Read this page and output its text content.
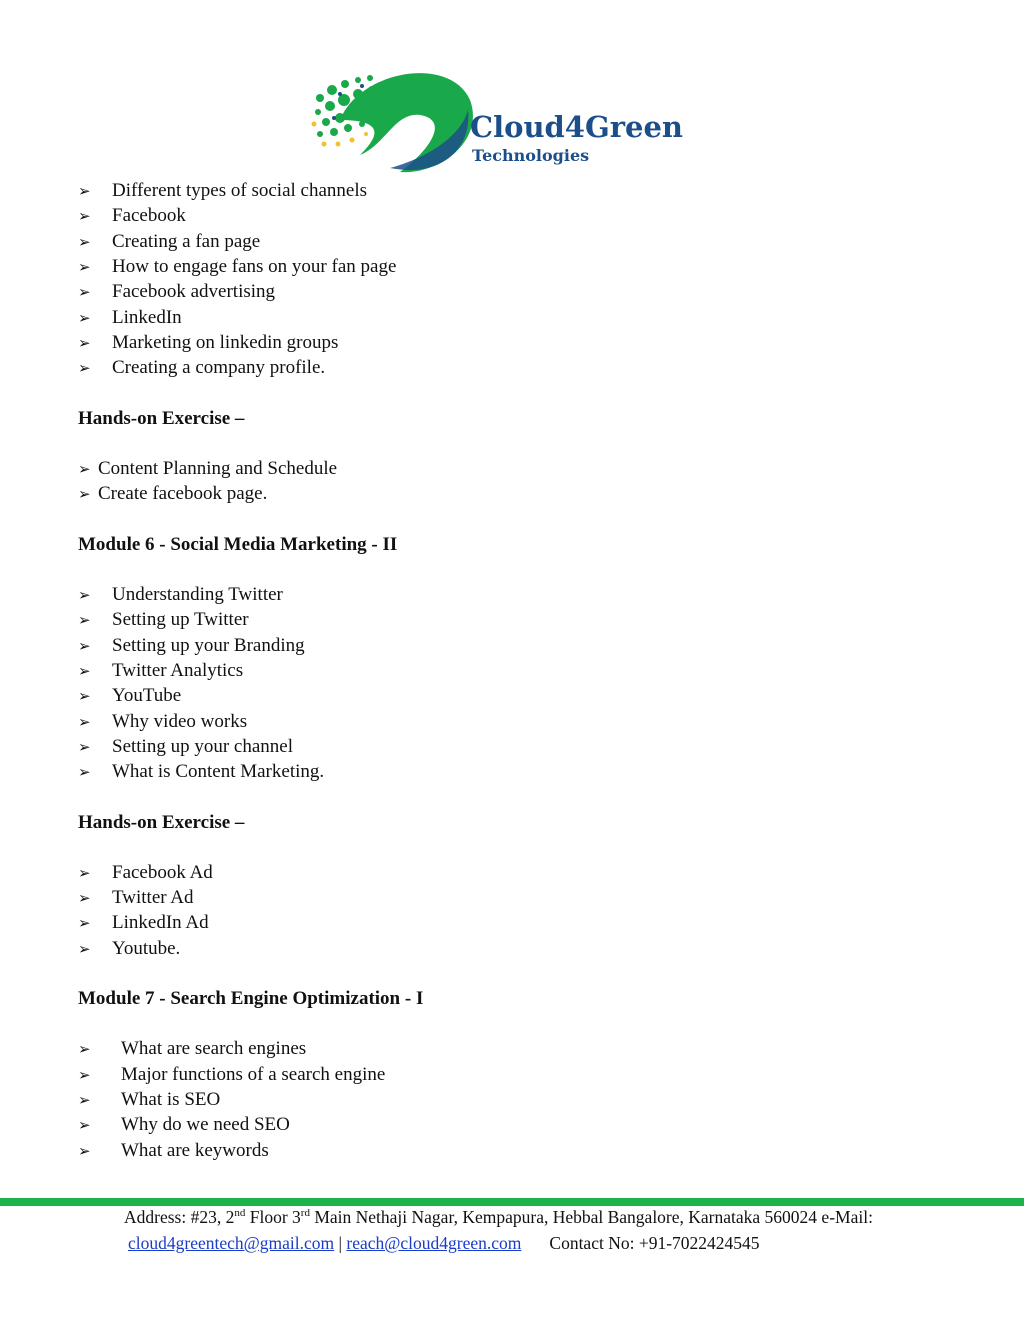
Cloud4Green
Technologies
➢ Different types of social channels
➢ Facebook
➢ Creating a fan page
➢ How to engage fans on your fan page
➢ Facebook advertising
➢ LinkedIn
➢ Marketing on linkedin groups
➢ Creating a company profile.
Hands-on Exercise –
➢ Content Planning and Schedule
➢ Create facebook page.
Module 6 - Social Media Marketing - II
➢ Understanding Twitter
➢ Setting up Twitter
➢ Setting up your Branding
➢ Twitter Analytics
➢ YouTube
➢ Why video works
➢ Setting up your channel
➢ What is Content Marketing.
Hands-on Exercise –
➢ Facebook Ad
➢ Twitter Ad
➢ LinkedIn Ad
➢ Youtube.
Module 7 - Search Engine Optimization - I
➢ What are search engines
➢ Major functions of a search engine
➢ What is SEO
➢ Why do we need SEO
➢ What are keywords
Address: #23, 2nd Floor 3rd Main Nethaji Nagar, Kempapura, Hebbal Bangalore, Karnataka 560024 e-Mail:
cloud4greentech@gmail.com | reach@cloud4green.com Contact No: +91-7022424545
